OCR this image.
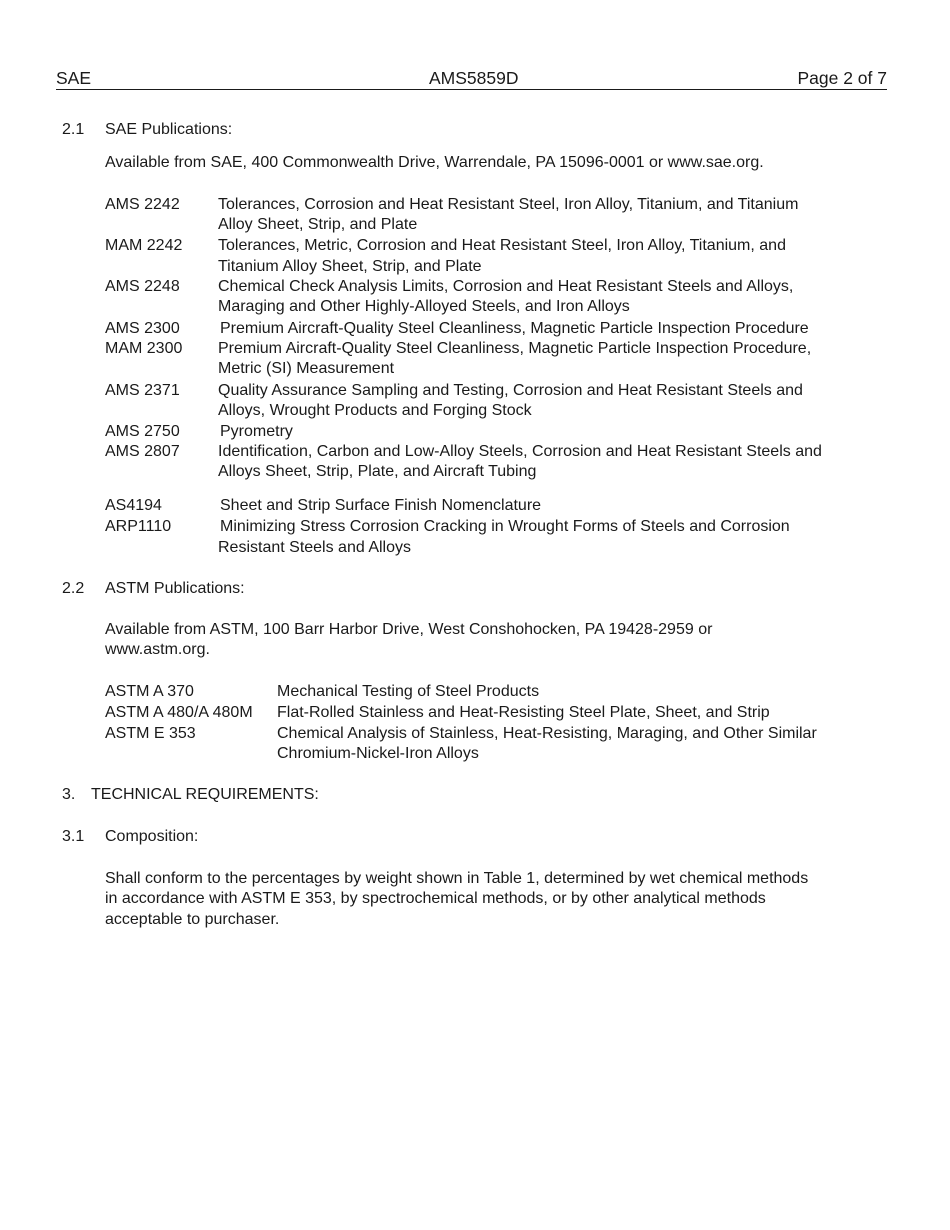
SAE	AMS5859D	Page 2 of 7
2.1 SAE Publications:
Available from SAE, 400 Commonwealth Drive, Warrendale, PA 15096-0001 or www.sae.org.
AMS 2242 Tolerances, Corrosion and Heat Resistant Steel, Iron Alloy, Titanium, and Titanium
Alloy Sheet, Strip, and Plate
MAM 2242 Tolerances, Metric, Corrosion and Heat Resistant Steel, Iron Alloy, Titanium, and
Titanium Alloy Sheet, Strip, and Plate
AMS 2248 Chemical Check Analysis Limits, Corrosion and Heat Resistant Steels and Alloys,
Maraging and Other Highly-Alloyed Steels, and Iron Alloys
AMS 2300	Premium Aircraft-Quality Steel Cleanliness, Magnetic Particle Inspection Procedure
MAM 2300 Premium Aircraft-Quality Steel Cleanliness, Magnetic Particle Inspection Procedure,
Metric (SI) Measurement
AMS 2371 Quality Assurance Sampling and Testing, Corrosion and Heat Resistant Steels and
Alloys, Wrought Products and Forging Stock
AMS 2750	Pyrometry
AMS 2807 Identification, Carbon and Low-Alloy Steels, Corrosion and Heat Resistant Steels and
Alloys Sheet, Strip, Plate, and Aircraft Tubing
AS4194	Sheet and Strip Surface Finish Nomenclature
ARP1110	Minimizing Stress Corrosion Cracking in Wrought Forms of Steels and Corrosion
Resistant Steels and Alloys
2.2 ASTM Publications:
Available from ASTM, 100 Barr Harbor Drive, West Conshohocken, PA 19428-2959 or
www.astm.org.
ASTM A 370	Mechanical Testing of Steel Products
ASTM A 480/A 480M Flat-Rolled Stainless and Heat-Resisting Steel Plate, Sheet, and Strip
ASTM E 353	Chemical Analysis of Stainless, Heat-Resisting, Maraging, and Other Similar
Chromium-Nickel-Iron Alloys
3. TECHNICAL REQUIREMENTS:
3.1 Composition:
Shall conform to the percentages by weight shown in Table 1, determined by wet chemical methods
in accordance with ASTM E 353, by spectrochemical methods, or by other analytical methods
acceptable to purchaser.
